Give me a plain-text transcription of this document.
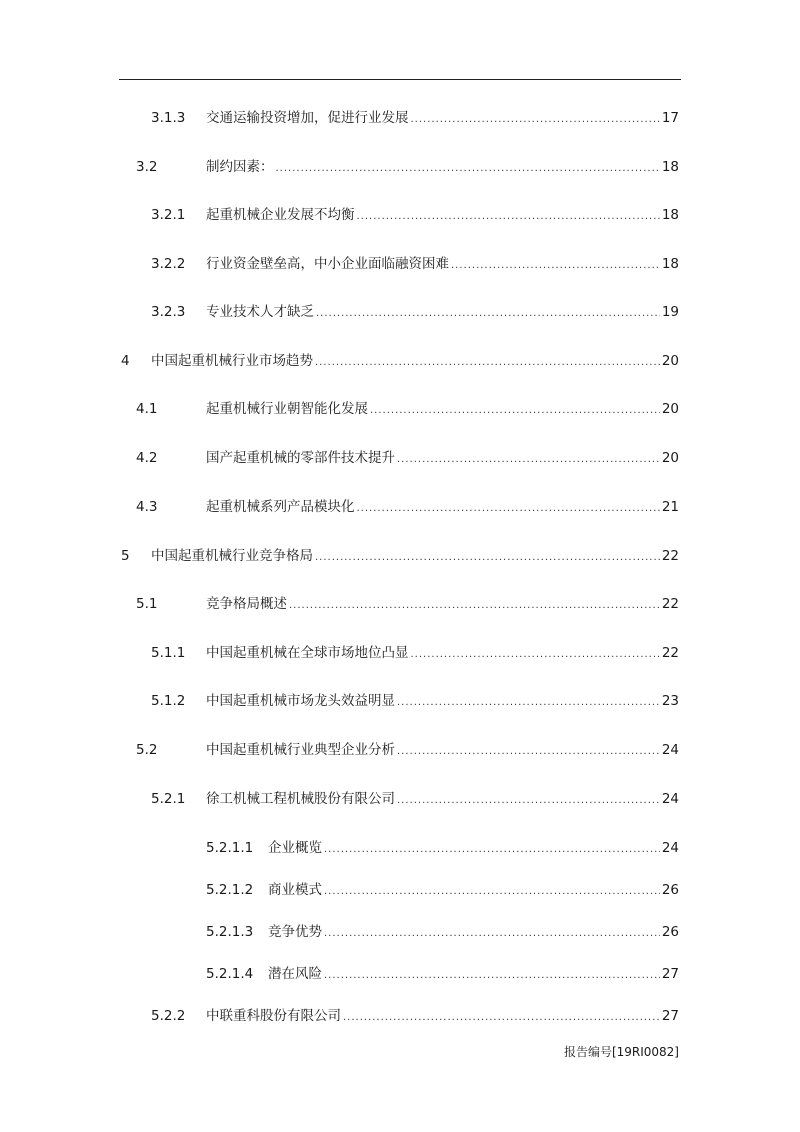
3.1.3 交通运输投资增加，促进行业发展 .....	17
3.2	制约因素： .....	18
3.2.1 起重机械企业发展不均衡 .....	18
3.2.2 行业资金壁垒高，中小企业面临融资困难 .....	18
3.2.3 专业技术人才缺乏 .....	19
4 中国起重机械行业市场趋势 .....	20
4.1	起重机械行业朝智能化发展 .....	20
4.2	国产起重机械的零部件技术提升 .....	20
4.3	起重机械系列产品模块化 .....	21
5 中国起重机械行业竞争格局 .....	22
5.1	竞争格局概述 .....	22
5.1.1 中国起重机械在全球市场地位凸显 .....	22
5.1.2 中国起重机械市场龙头效益明显 .....	23
5.2	中国起重机械行业典型企业分析 .....	24
5.2.1 徐工机械工程机械股份有限公司 .....	24
5.2.1.1 企业概览 .....	24
5.2.1.2 商业模式 .....	26
5.2.1.3 竞争优势 .....	26
5.2.1.4 潜在风险 .....	27
5.2.2 中联重科股份有限公司 .....	27
报告编号[19RI0082]
